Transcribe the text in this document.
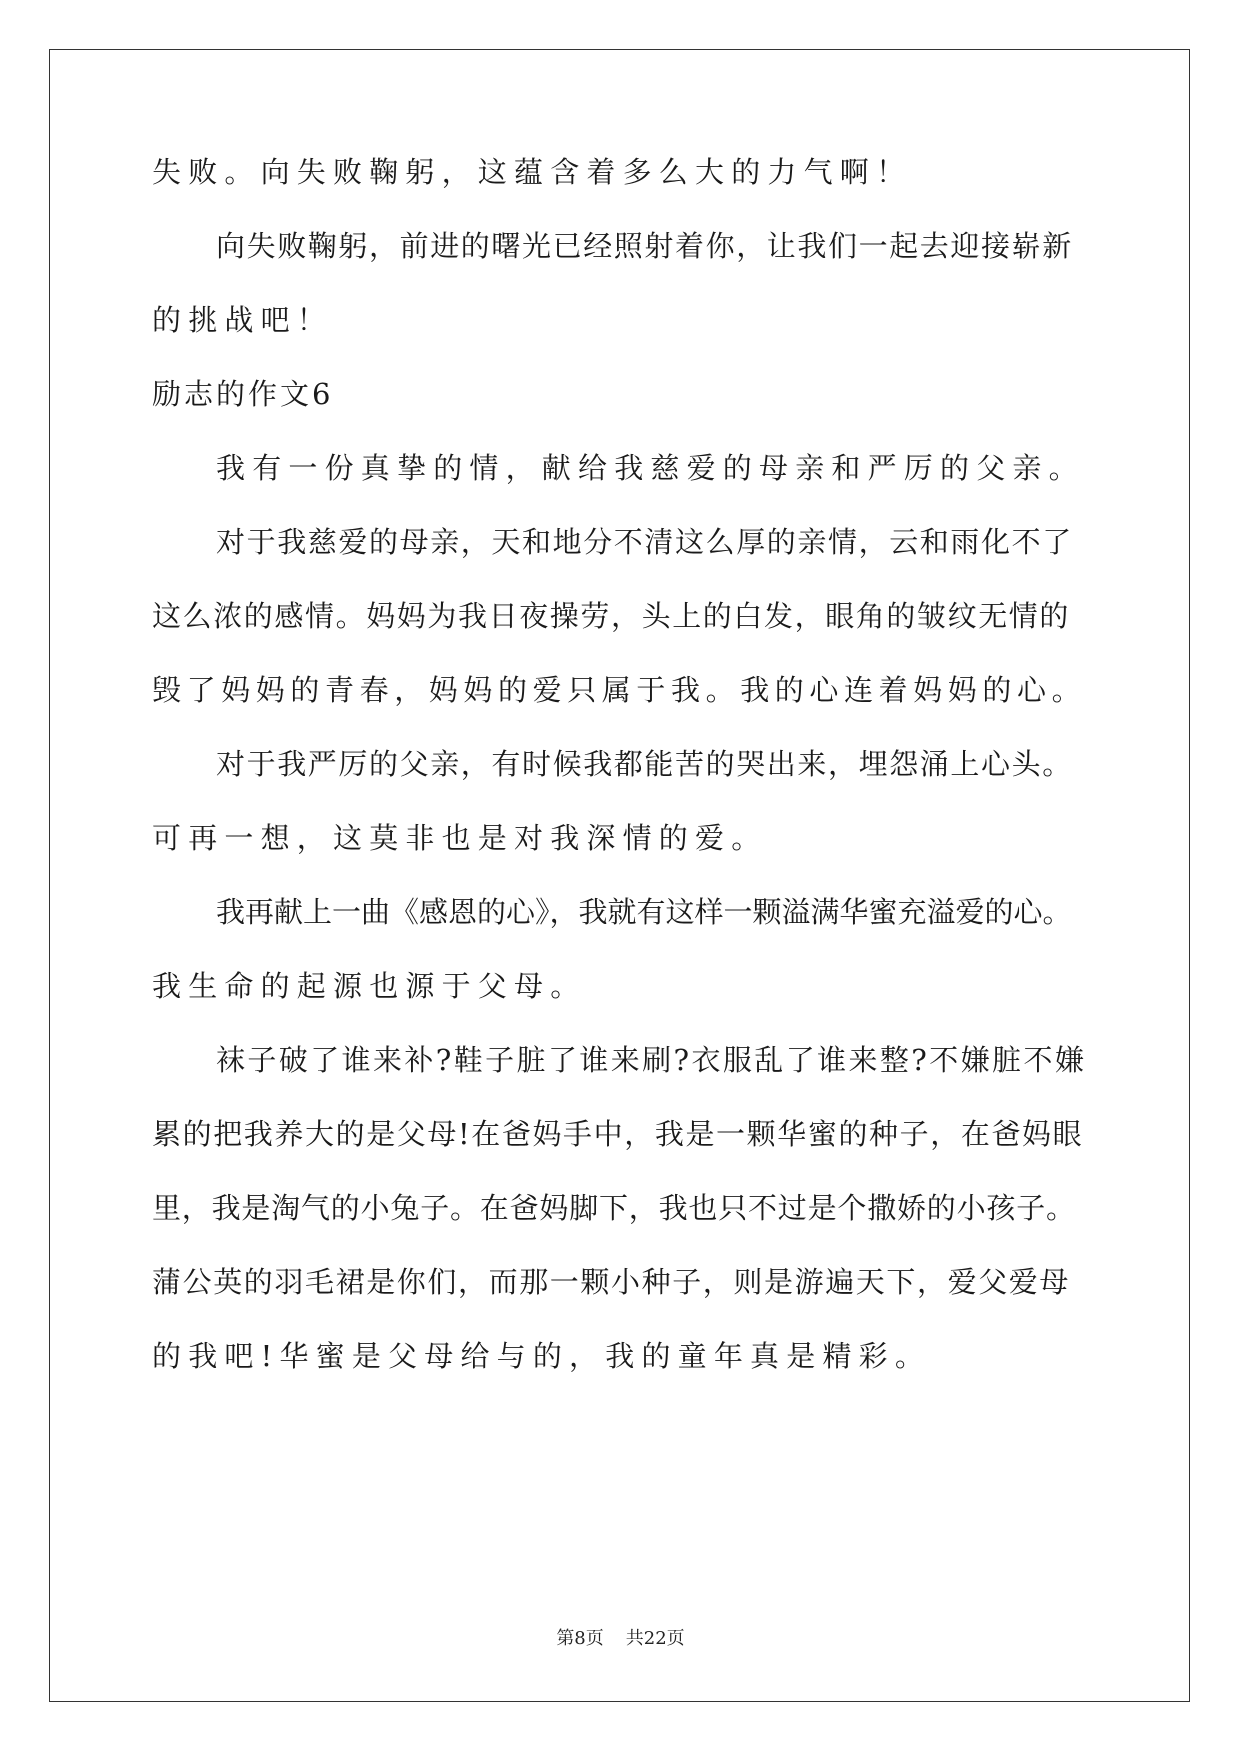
失败。向失败鞠躬，这蕴含着多么大的力气啊！
向失败鞠躬，前进的曙光已经照射着你，让我们一起去迎接崭新
的挑战吧！
励志的作文6
我有一份真挚的情，献给我慈爱的母亲和严厉的父亲。
对于我慈爱的母亲，天和地分不清这么厚的亲情，云和雨化不了
这么浓的感情。妈妈为我日夜操劳，头上的白发，眼角的皱纹无情的
毁了妈妈的青春，妈妈的爱只属于我。我的心连着妈妈的心。
对于我严厉的父亲，有时候我都能苦的哭出来，埋怨涌上心头。
可再一想，这莫非也是对我深情的爱。
我再献上一曲《感恩的心》，我就有这样一颗溢满华蜜充溢爱的心。
我生命的起源也源于父母。
袜子破了谁来补?鞋子脏了谁来刷?衣服乱了谁来整?不嫌脏不嫌
累的把我养大的是父母!在爸妈手中，我是一颗华蜜的种子，在爸妈眼
里，我是淘气的小兔子。在爸妈脚下，我也只不过是个撒娇的小孩子。
蒲公英的羽毛裙是你们，而那一颗小种子，则是游遍天下，爱父爱母
的我吧!华蜜是父母给与的，我的童年真是精彩。
第8页 共22页
